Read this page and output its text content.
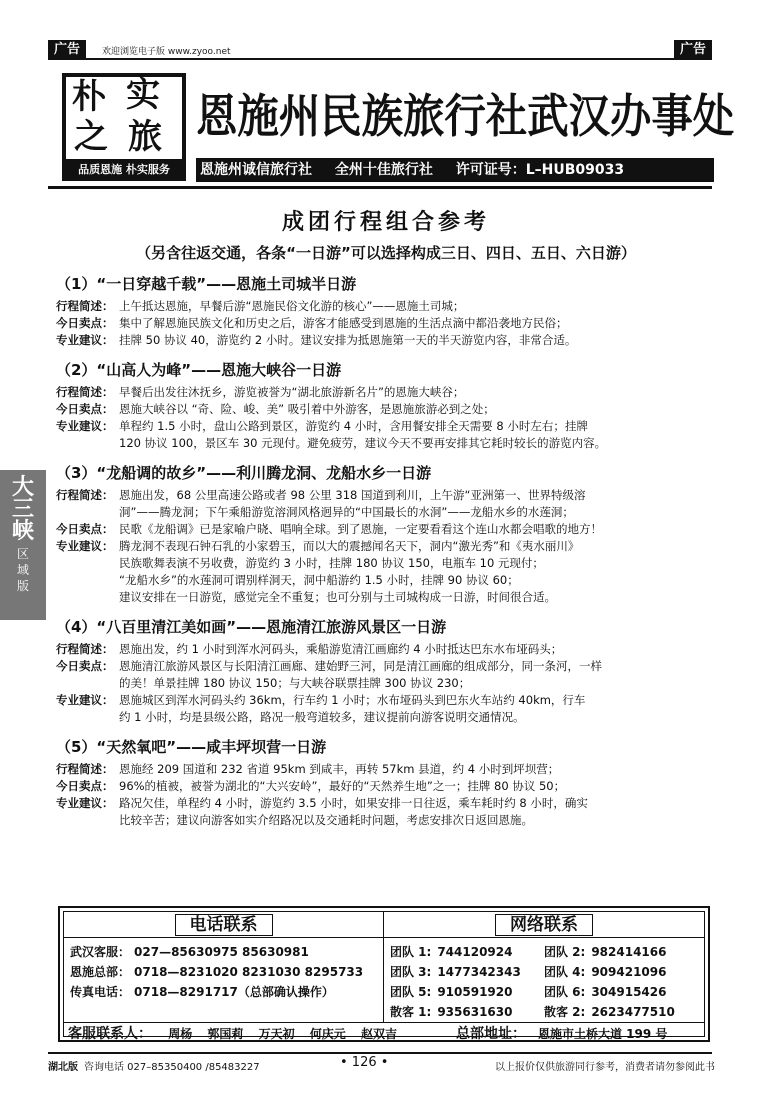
广告	欢迎浏览电子版 www.zyoo.net	广告
朴 实
之 旅
品质恩施 朴实服务
恩施州民族旅行社武汉办事处
恩施州诚信旅行社 全州十佳旅行社 许可证号：L–HUB09033
大
三
峡
区
域
版
成团行程组合参考
（另含往返交通，各条“一日游”可以选择构成三日、四日、五日、六日游）
（1）“一日穿越千载”——恩施土司城半日游
行程简述： 上午抵达恩施，早餐后游“恩施民俗文化游的核心”——恩施土司城；
今日卖点： 集中了解恩施民族文化和历史之后，游客才能感受到恩施的生活点滴中都沿袭地方民俗；
专业建议： 挂牌 50 协议 40，游览约 2 小时。建议安排为抵恩施第一天的半天游览内容，非常合适。
（2）“山高人为峰”——恩施大峡谷一日游
行程简述： 早餐后出发往沐抚乡，游览被誉为“湖北旅游新名片”的恩施大峡谷；
今日卖点： 恩施大峡谷以 “奇、险、峻、美” 吸引着中外游客，是恩施旅游必到之处；
专业建议： 单程约 1.5 小时，盘山公路到景区，游览约 4 小时，含用餐安排全天需要 8 小时左右；挂牌
120 协议 100，景区车 30 元现付。避免疲劳，建议今天不要再安排其它耗时较长的游览内容。
（3）“龙船调的故乡”——利川腾龙洞、龙船水乡一日游
行程简述： 恩施出发，68 公里高速公路或者 98 公里 318 国道到利川，上午游“亚洲第一、世界特级溶
洞”——腾龙洞；下午乘船游览溶洞风格迥异的“中国最长的水洞”——龙船水乡的水莲洞；
今日卖点： 民歌《龙船调》已是家喻户晓、唱响全球。到了恩施，一定要看看这个连山水都会唱歌的地方！
专业建议： 腾龙洞不表现石钟石乳的小家碧玉，而以大的震撼闻名天下，洞内“激光秀”和《夷水丽川》
民族歌舞表演不另收费，游览约 3 小时，挂牌 180 协议 150，电瓶车 10 元现付；
“龙船水乡”的水莲洞可谓别样洞天，洞中船游约 1.5 小时，挂牌 90 协议 60；
建议安排在一日游览，感觉完全不重复；也可分别与土司城构成一日游，时间很合适。
（4）“八百里清江美如画”——恩施清江旅游风景区一日游
行程简述： 恩施出发，约 1 小时到浑水河码头，乘船游览清江画廊约 4 小时抵达巴东水布垭码头；
今日卖点： 恩施清江旅游风景区与长阳清江画廊、建始野三河，同是清江画廊的组成部分，同一条河，一样
的美！单景挂牌 180 协议 150；与大峡谷联票挂牌 300 协议 230；
专业建议： 恩施城区到浑水河码头约 36km，行车约 1 小时；水布垭码头到巴东火车站约 40km，行车
约 1 小时，均是县级公路，路况一般弯道较多，建议提前向游客说明交通情况。
（5）“天然氧吧”——咸丰坪坝营一日游
行程简述： 恩施经 209 国道和 232 省道 95km 到咸丰，再转 57km 县道，约 4 小时到坪坝营；
今日卖点： 96%的植被，被誉为湖北的“大兴安岭”，最好的“天然养生地”之一；挂牌 80 协议 50；
专业建议： 路况欠佳，单程约 4 小时，游览约 3.5 小时，如果安排一日往返，乘车耗时约 8 小时，确实
比较辛苦；建议向游客如实介绍路况以及交通耗时问题，考虑安排次日返回恩施。
电话联系
武汉客服： 027—85630975 85630981
恩施总部： 0718—8231020 8231030 8295733
传真电话： 0718—8291717（总部确认操作）
网络联系
团队 1: 744120924	团队 2: 982414166
团队 3: 1477342343	团队 4: 909421096
团队 5: 910591920	团队 6: 304915426
散客 1: 935631630	散客 2: 2623477510
客服联系人： 周杨 郭国莉 万天初 何庆元 赵双吉	总部地址： 恩施市土桥大道 199 号
湖北版 咨询电话 027–85350400 /85483227	• 126 •	以上报价仅供旅游同行参考，消费者请勿参阅此书
